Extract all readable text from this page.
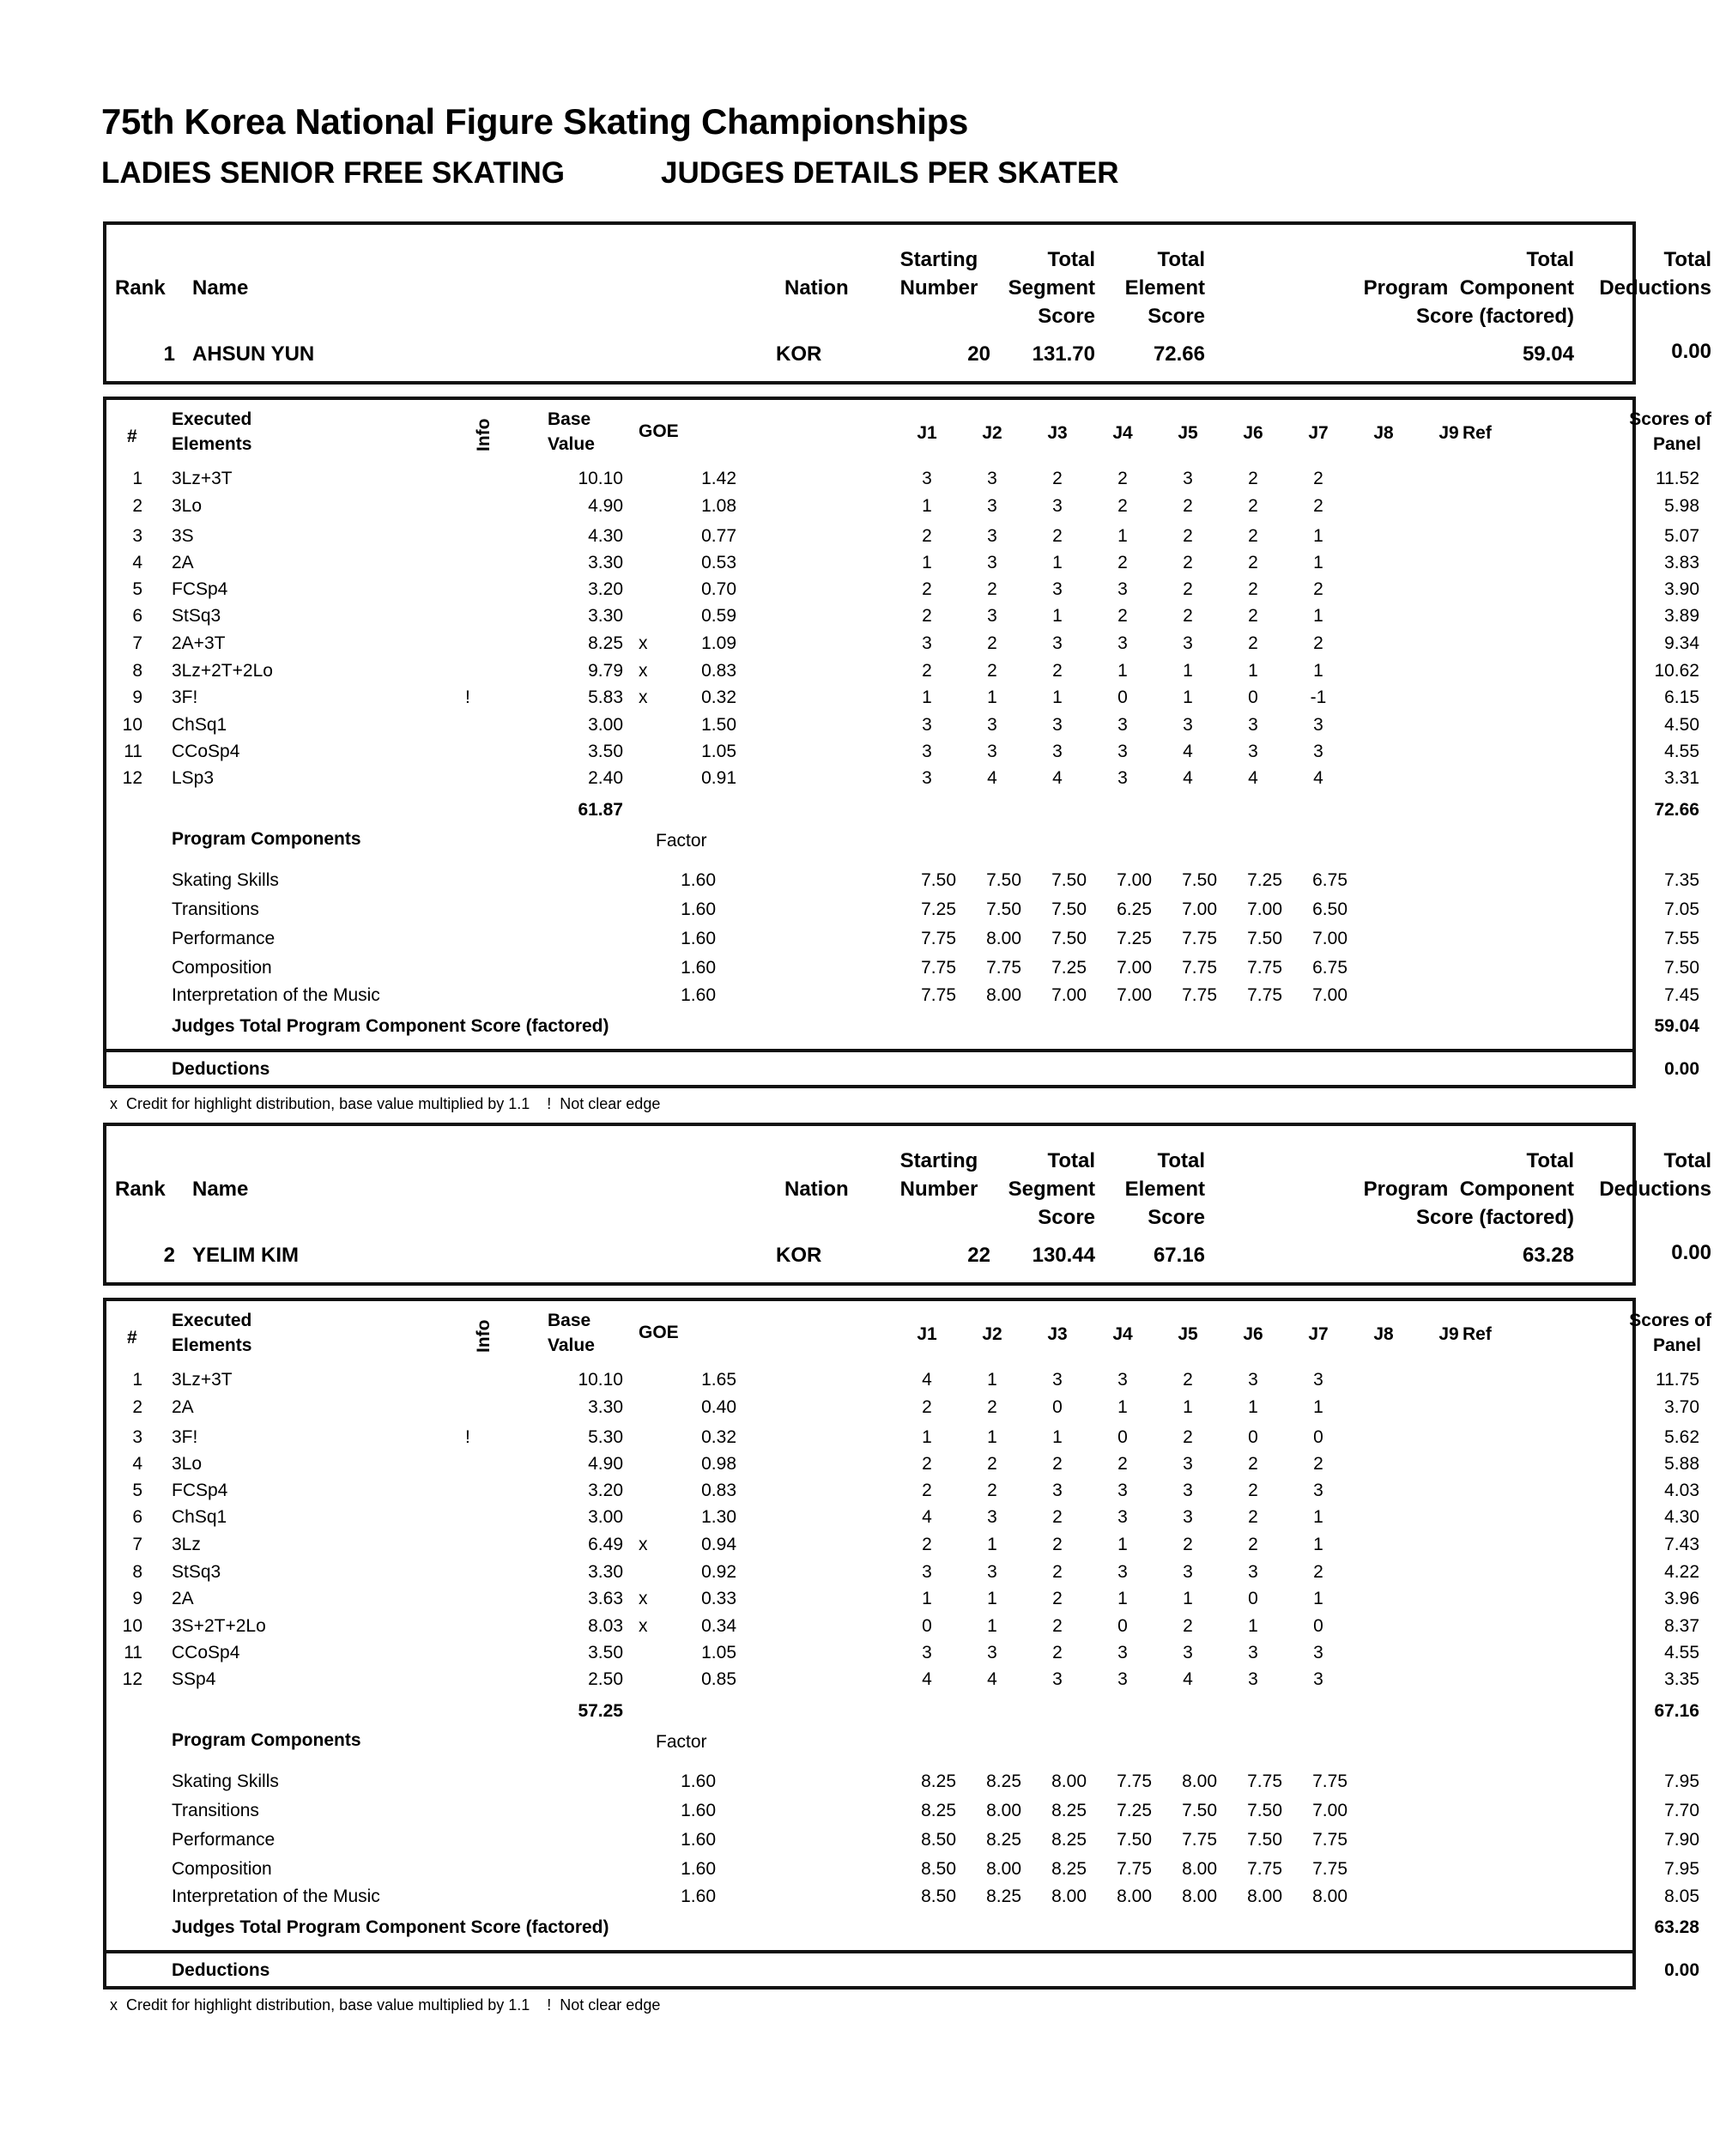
75th Korea National Figure Skating Championships
LADIES SENIOR FREE SKATING	JUDGES DETAILS PER SKATER
Rank Name	Nation
Starting
Number
Total
Segment
Score
Total
Element
Score
Total
Program  Component
Score (factored)
Total
Deductions
1 AHSUN YUN	KOR	20	131.70	72.66	59.04	0.00
#
Executed
Elements	Info	Base
Value
GOE	J1	J2	J3	J4	J5	J6	J7	J8	J9 Ref
Scores of
Panel
1 3Lz+3T	10.10	1.42	3	3	2	2	3	2	2	11.52
2 3Lo	4.90	1.08	1	3	3	2	2	2	2	5.98
3 3S	4.30	0.77	2	3	2	1	2	2	1	5.07
4 2A	3.30	0.53	1	3	1	2	2	2	1	3.83
5 FCSp4	3.20	0.70	2	2	3	3	2	2	2	3.90
6 StSq3	3.30	0.59	2	3	1	2	2	2	1	3.89
7 2A+3T	8.25 x	1.09	3	2	3	3	3	2	2	9.34
8 3Lz+2T+2Lo	9.79 x	0.83	2	2	2	1	1	1	1	10.62
9 3F!	!	5.83 x	0.32	1	1	1	0	1	0	-1	6.15
10 ChSq1	3.00	1.50	3	3	3	3	3	3	3	4.50
11 CCoSp4	3.50	1.05	3	3	3	3	4	3	3	4.55
12 LSp3	2.40	0.91	3	4	4	3	4	4	4	3.31
61.87	72.66
Program Components	Factor
Skating Skills	1.60	7.50	7.50	7.50	7.00	7.50	7.25	6.75	7.35
Transitions	1.60	7.25	7.50	7.50	6.25	7.00	7.00	6.50	7.05
Performance	1.60	7.75	8.00	7.50	7.25	7.75	7.50	7.00	7.55
Composition	1.60	7.75	7.75	7.25	7.00	7.75	7.75	6.75	7.50
Interpretation of the Music	1.60	7.75	8.00	7.00	7.00	7.75	7.75	7.00	7.45
Judges Total Program Component Score (factored)	59.04
Deductions	0.00
x  Credit for highlight distribution, base value multiplied by 1.1    !  Not clear edge
Rank Name	Nation
Starting
Number
Total
Segment
Score
Total
Element
Score
Total
Program  Component
Score (factored)
Total
Deductions
2 YELIM KIM	KOR	22	130.44	67.16	63.28	0.00
#
Executed
Elements	Info	Base
Value
GOE	J1	J2	J3	J4	J5	J6	J7	J8	J9 Ref
Scores of
Panel
1 3Lz+3T	10.10	1.65	4	1	3	3	2	3	3	11.75
2 2A	3.30	0.40	2	2	0	1	1	1	1	3.70
3 3F!	!	5.30	0.32	1	1	1	0	2	0	0	5.62
4 3Lo	4.90	0.98	2	2	2	2	3	2	2	5.88
5 FCSp4	3.20	0.83	2	2	3	3	3	2	3	4.03
6 ChSq1	3.00	1.30	4	3	2	3	3	2	1	4.30
7 3Lz	6.49 x	0.94	2	1	2	1	2	2	1	7.43
8 StSq3	3.30	0.92	3	3	2	3	3	3	2	4.22
9 2A	3.63 x	0.33	1	1	2	1	1	0	1	3.96
10 3S+2T+2Lo	8.03 x	0.34	0	1	2	0	2	1	0	8.37
11 CCoSp4	3.50	1.05	3	3	2	3	3	3	3	4.55
12 SSp4	2.50	0.85	4	4	3	3	4	3	3	3.35
57.25	67.16
Program Components	Factor
Skating Skills	1.60	8.25	8.25	8.00	7.75	8.00	7.75	7.75	7.95
Transitions	1.60	8.25	8.00	8.25	7.25	7.50	7.50	7.00	7.70
Performance	1.60	8.50	8.25	8.25	7.50	7.75	7.50	7.75	7.90
Composition	1.60	8.50	8.00	8.25	7.75	8.00	7.75	7.75	7.95
Interpretation of the Music	1.60	8.50	8.25	8.00	8.00	8.00	8.00	8.00	8.05
Judges Total Program Component Score (factored)	63.28
Deductions	0.00
x  Credit for highlight distribution, base value multiplied by 1.1    !  Not clear edge
